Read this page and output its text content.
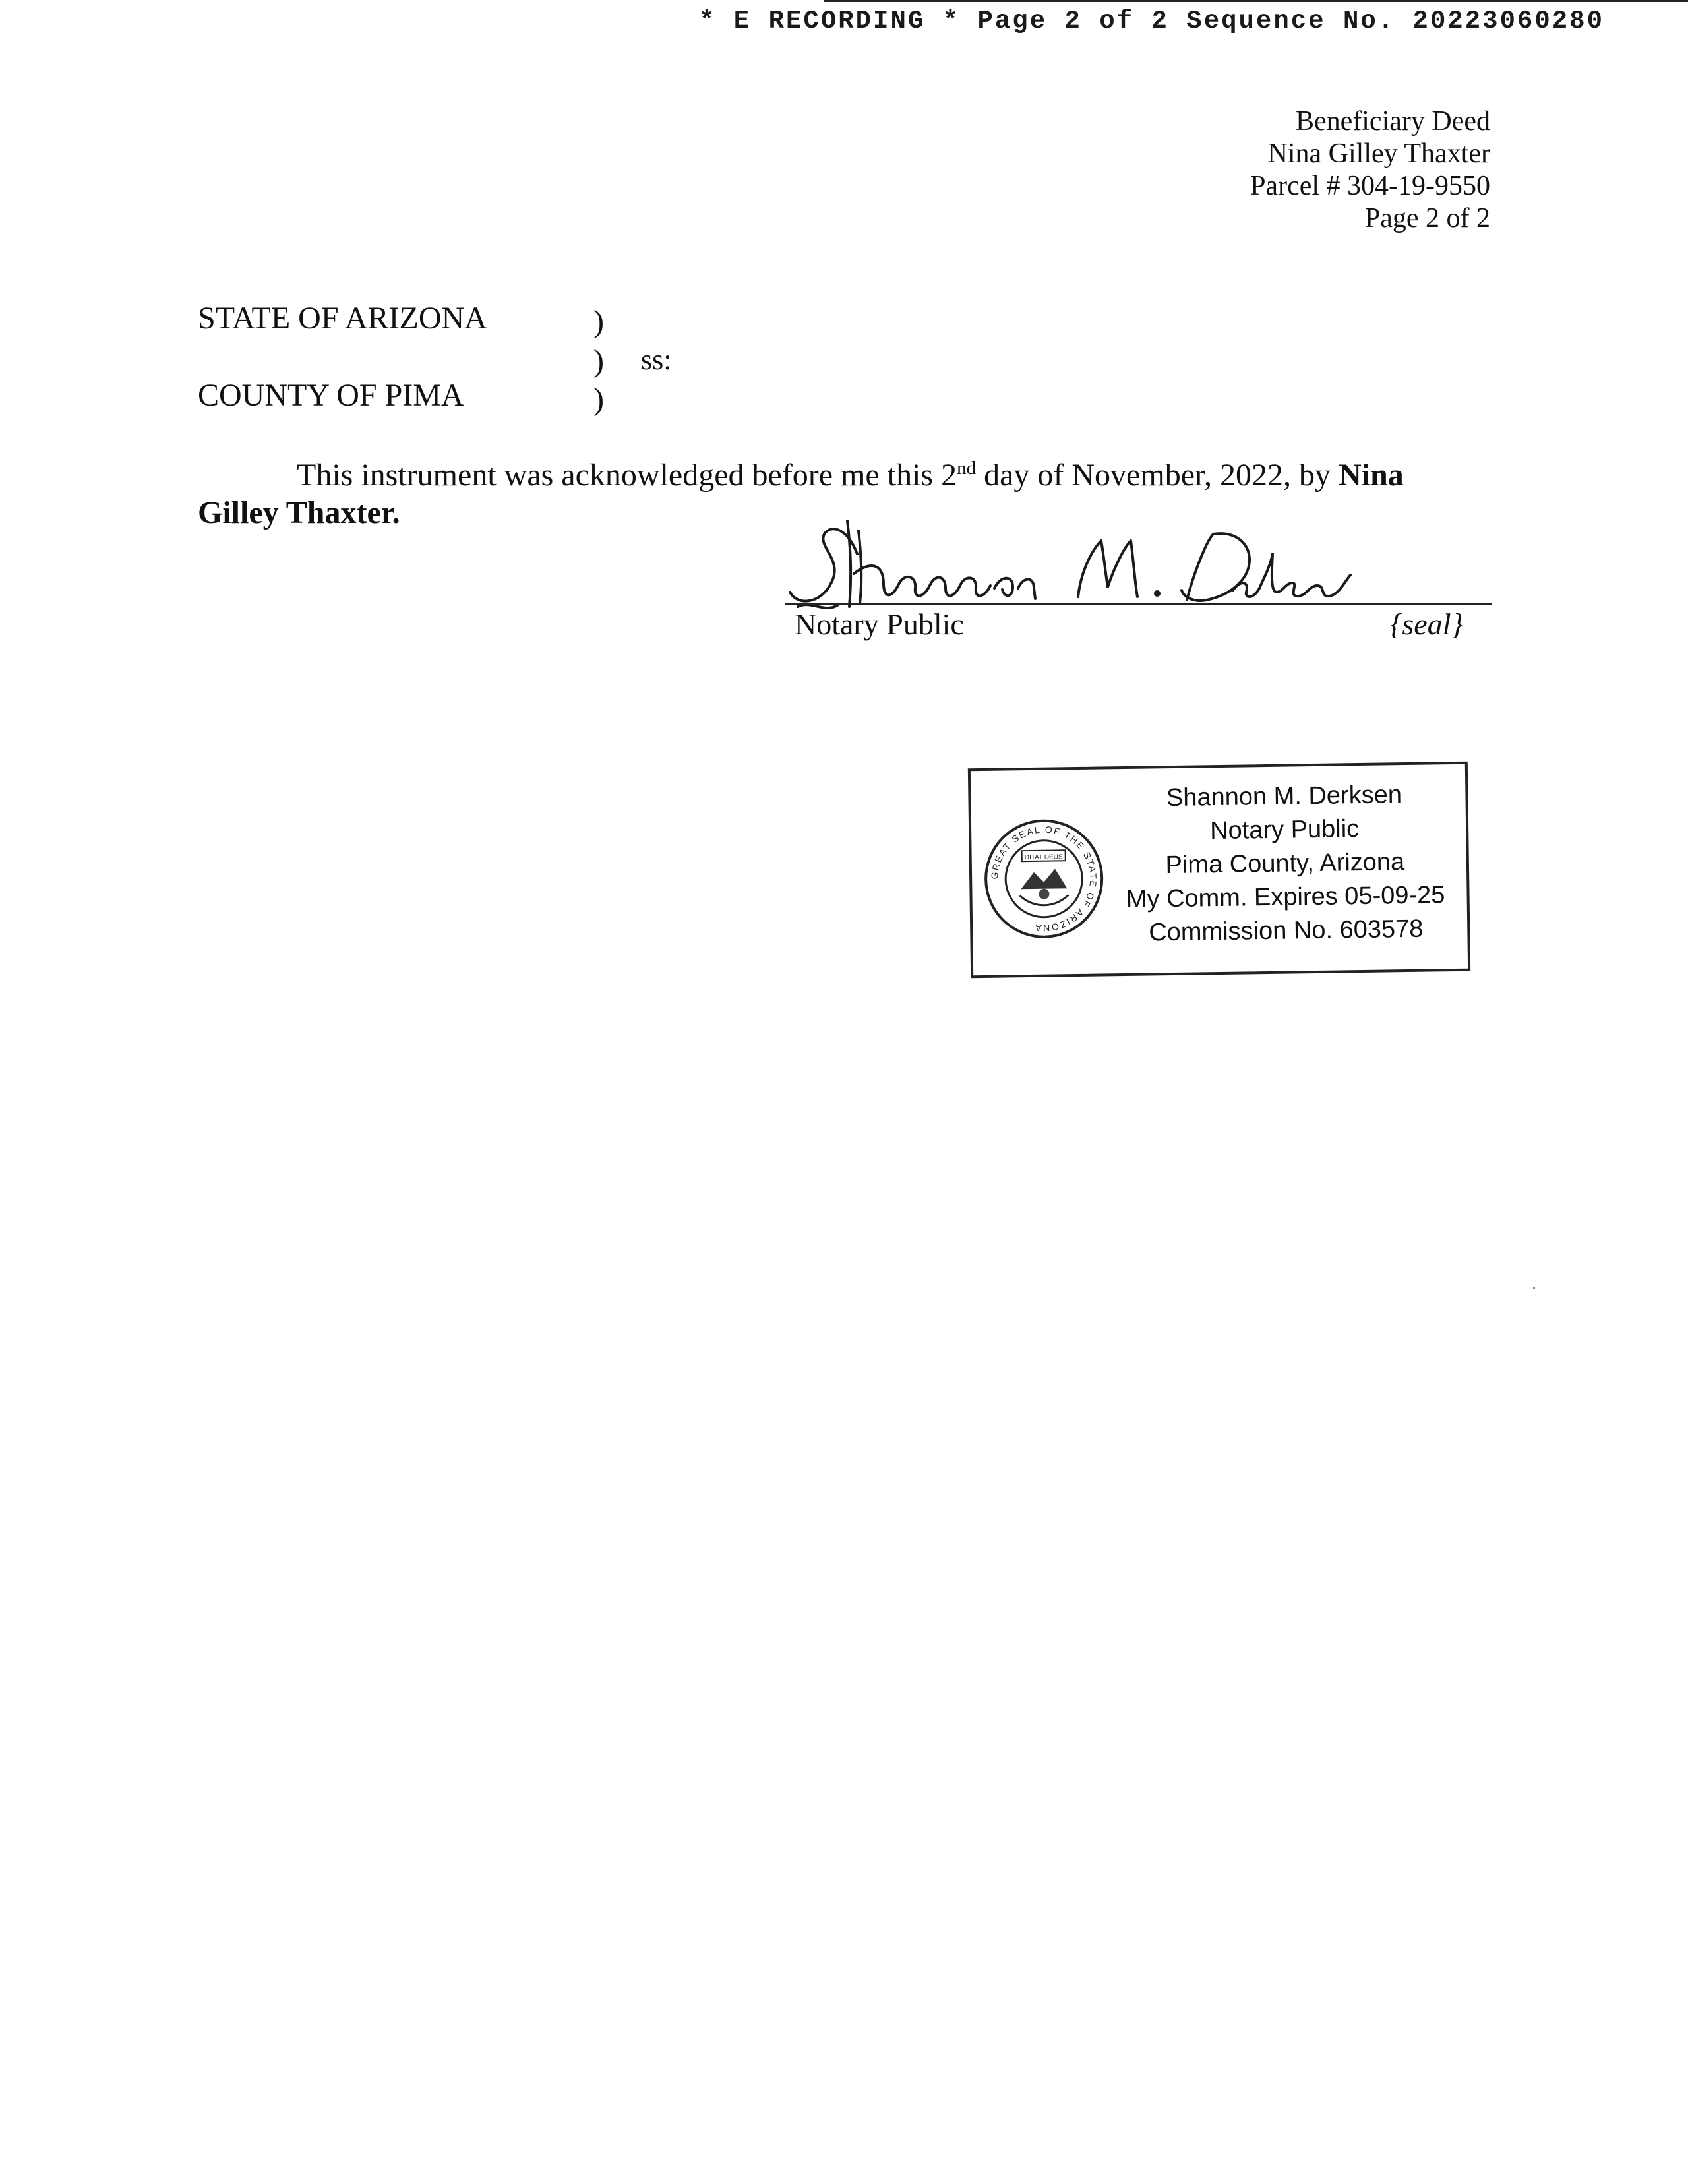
* E RECORDING * Page 2 of 2 Sequence No. 20223060280
Beneficiary Deed
Nina Gilley Thaxter
Parcel # 304-19-9550
Page 2 of 2
STATE OF ARIZONA
COUNTY OF PIMA
)
)
)
ss:
This instrument was acknowledged before me this 2nd day of November, 2022, by Nina Gilley Thaxter.
Notary Public	{seal}
GREAT SEAL OF THE STATE OF ARIZONA
DITAT DEUS
Shannon M. Derksen
Notary Public
Pima County, Arizona
My Comm. Expires 05-09-25
Commission No. 603578
